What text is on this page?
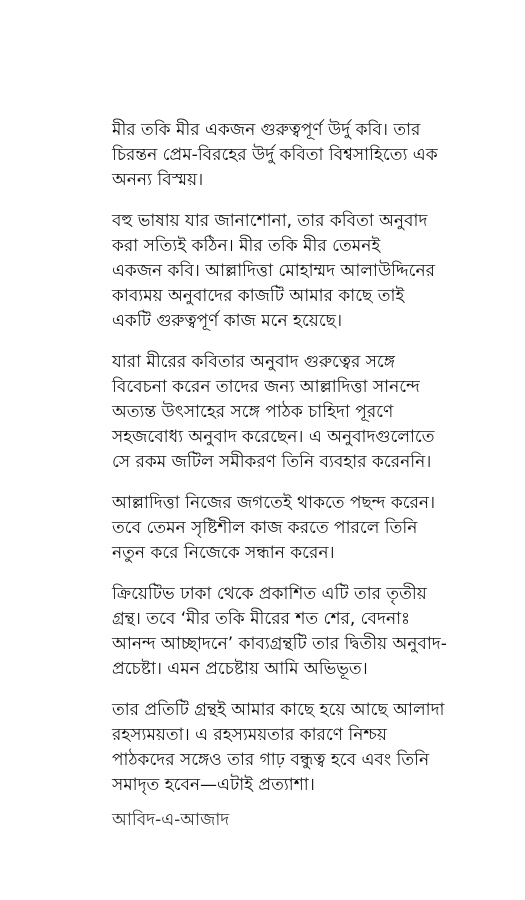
মীর তকি মীর একজন গুরুত্বপূর্ণ উর্দু কবি। তার
চিরন্তন প্রেম-বিরহের উর্দু কবিতা বিশ্বসাহিত্যে এক
অনন্য বিস্ময়।

বহু ভাষায় যার জানাশোনা, তার কবিতা অনুবাদ
করা সত্যিই কঠিন। মীর তকি মীর তেমনই
একজন কবি। আল্লাদিত্তা মোহাম্মদ আলাউদ্দিনের
কাব্যময় অনুবাদের কাজটি আমার কাছে তাই
একটি গুরুত্বপূর্ণ কাজ মনে হয়েছে।

যারা মীরের কবিতার অনুবাদ গুরুত্বের সঙ্গে
বিবেচনা করেন তাদের জন্য আল্লাদিত্তা সানন্দে
অত্যন্ত উৎসাহের সঙ্গে পাঠক চাহিদা পূরণে
সহজবোধ্য অনুবাদ করেছেন। এ অনুবাদগুলোতে
সে রকম জটিল সমীকরণ তিনি ব্যবহার করেননি।

আল্লাদিত্তা নিজের জগতেই থাকতে পছন্দ করেন।
তবে তেমন সৃষ্টিশীল কাজ করতে পারলে তিনি
নতুন করে নিজেকে সন্ধান করেন।

ক্রিয়েটিভ ঢাকা থেকে প্রকাশিত এটি তার তৃতীয়
গ্রন্থ। তবে ‘মীর তকি মীরের শত শের, বেদনাঃ
আনন্দ আচ্ছাদনে’ কাব্যগ্রন্থটি তার দ্বিতীয় অনুবাদ-
প্রচেষ্টা। এমন প্রচেষ্টায় আমি অভিভূত।

তার প্রতিটি গ্রন্থই আমার কাছে হয়ে আছে আলাদা
রহস্যময়তা। এ রহস্যময়তার কারণে নিশ্চয়
পাঠকদের সঙ্গেও তার গাঢ় বন্ধুত্ব হবে এবং তিনি
সমাদৃত হবেন—এটাই প্রত্যাশা।

আবিদ-এ-আজাদ
